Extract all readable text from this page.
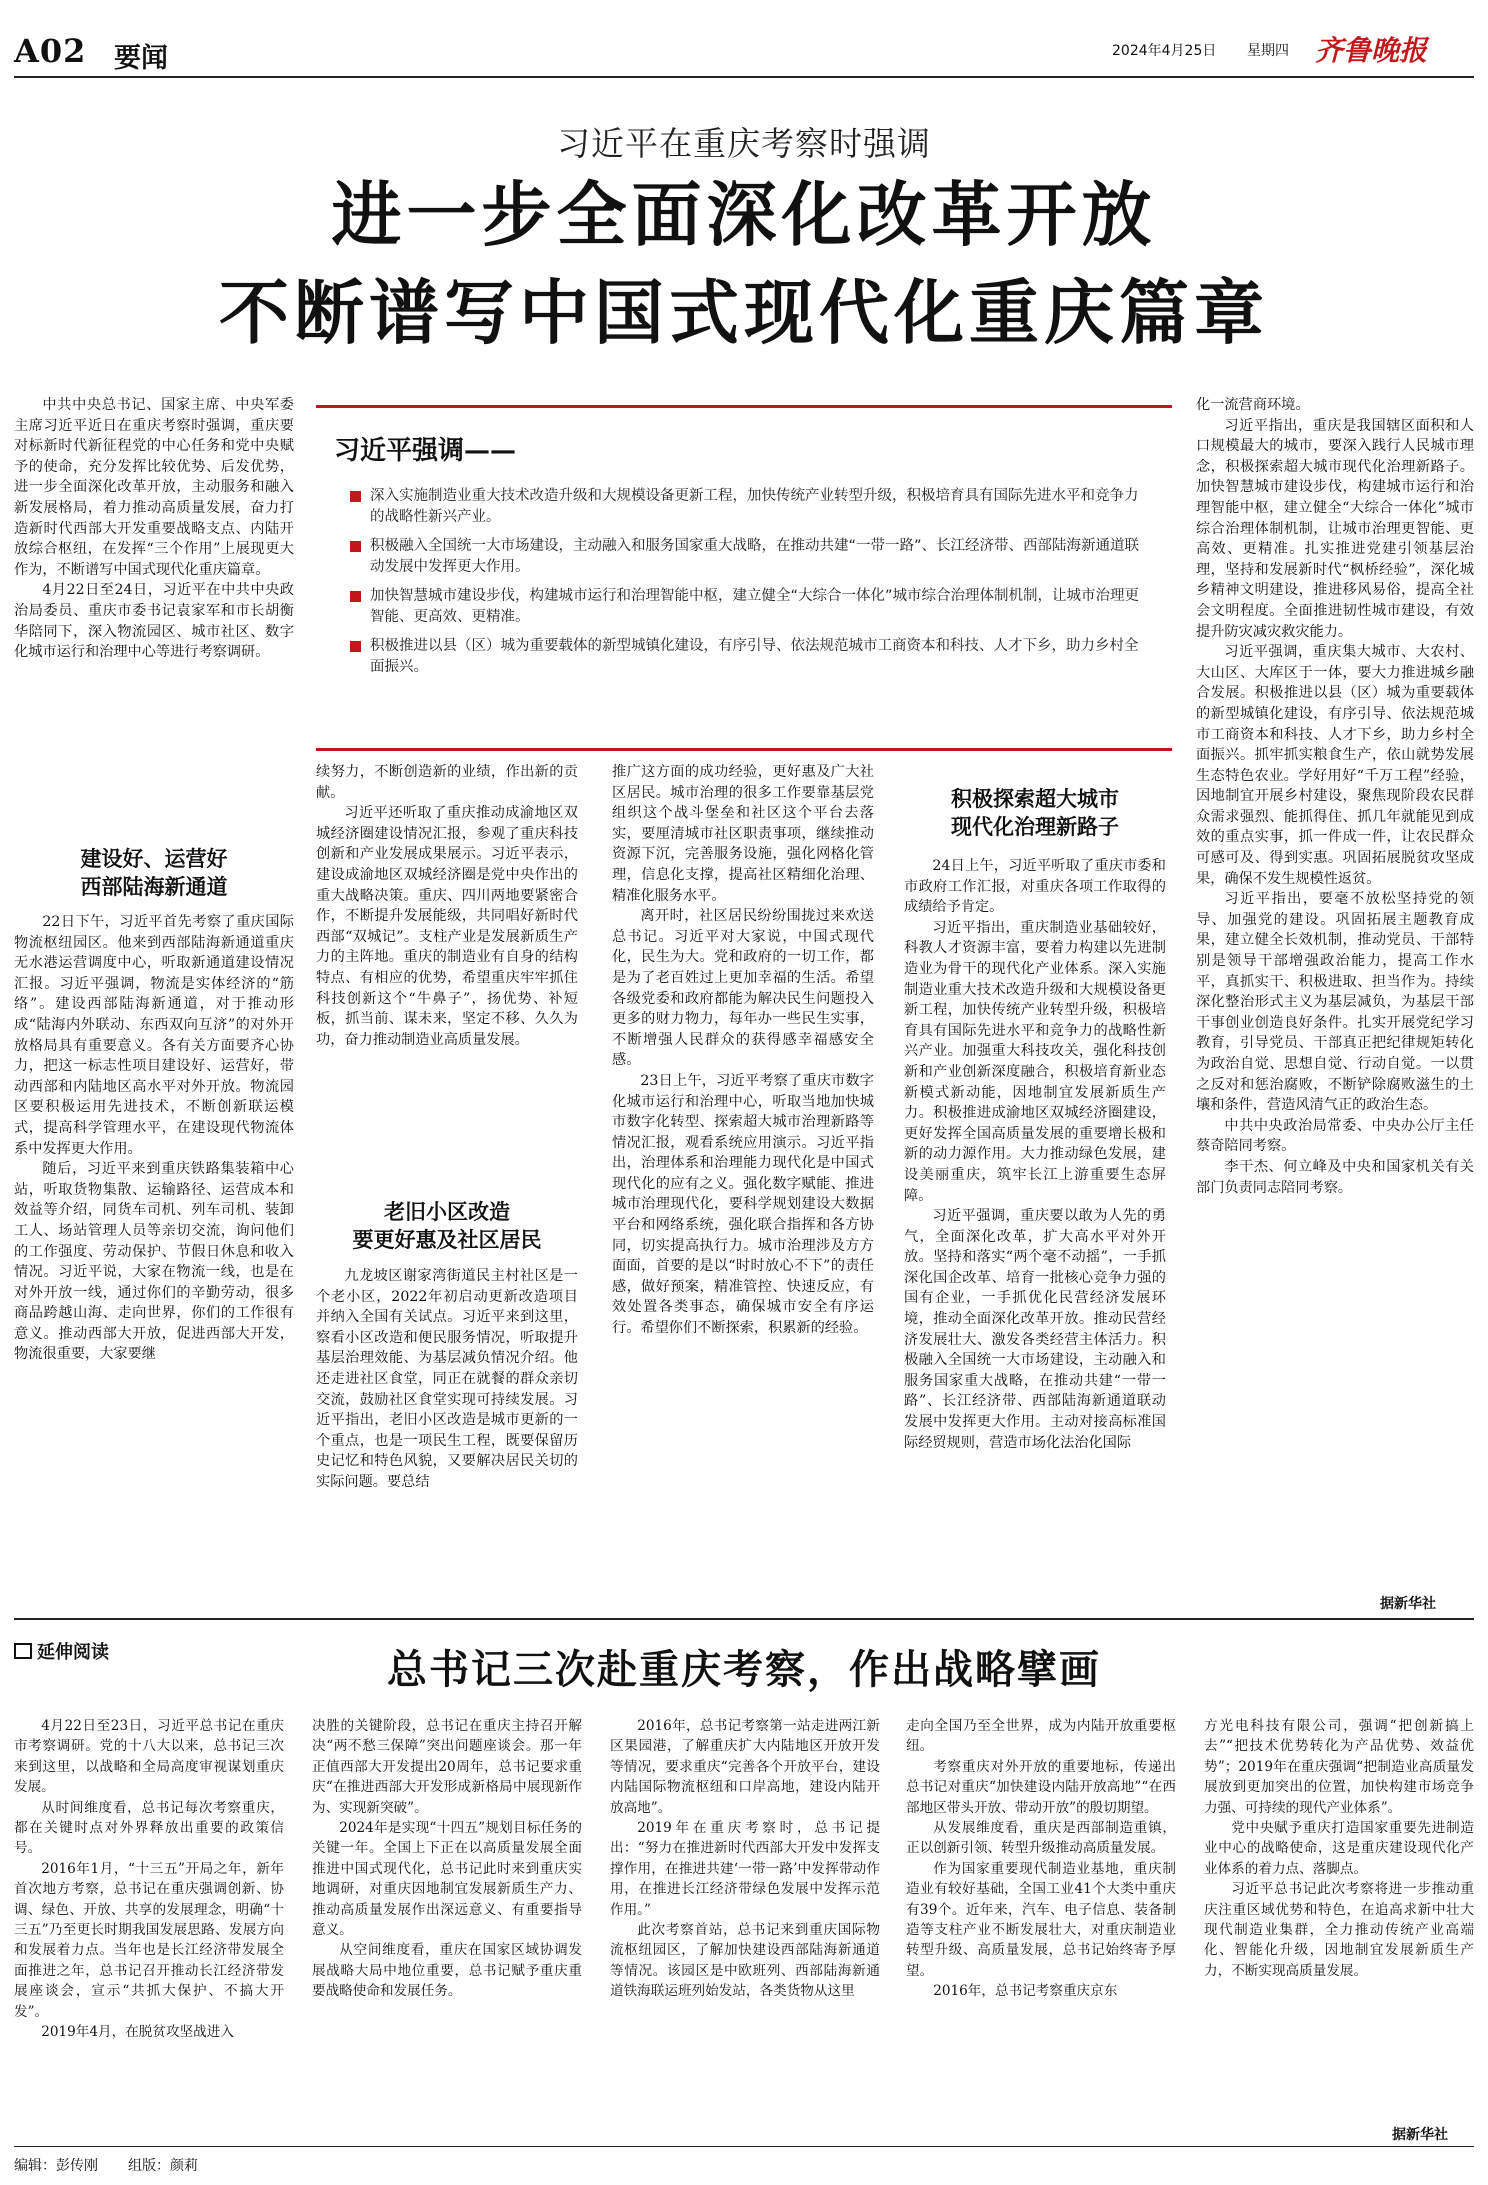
A02 要闻	2024年4月25日 星期四 齐鲁晚报
习近平在重庆考察时强调
进一步全面深化改革开放
不断谱写中国式现代化重庆篇章
习近平强调——
深入实施制造业重大技术改造升级和大规模设备更新工程，加快传统产业转型升级，积极培育具有国际先进水平和竞争力的战略性新兴产业。
积极融入全国统一大市场建设，主动融入和服务国家重大战略，在推动共建“一带一路”、长江经济带、西部陆海新通道联动发展中发挥更大作用。
加快智慧城市建设步伐，构建城市运行和治理智能中枢，建立健全“大综合一体化”城市综合治理体制机制，让城市治理更智能、更高效、更精准。
积极推进以县（区）城为重要载体的新型城镇化建设，有序引导、依法规范城市工商资本和科技、人才下乡，助力乡村全面振兴。

中共中央总书记、国家主席、中央军委主席习近平近日在重庆考察时强调，重庆要对标新时代新征程党的中心任务和党中央赋予的使命，充分发挥比较优势、后发优势，进一步全面深化改革开放，主动服务和融入新发展格局，着力推动高质量发展，奋力打造新时代西部大开发重要战略支点、内陆开放综合枢纽，在发挥“三个作用”上展现更大作为，不断谱写中国式现代化重庆篇章。

4月22日至24日，习近平在中共中央政治局委员、重庆市委书记袁家军和市长胡衡华陪同下，深入物流园区、城市社区、数字化城市运行和治理中心等进行考察调研。

建设好、运营好
西部陆海新通道

22日下午，习近平首先考察了重庆国际物流枢纽园区。他来到西部陆海新通道重庆无水港运营调度中心，听取新通道建设情况汇报。习近平强调，物流是实体经济的“筋络”。建设西部陆海新通道，对于推动形成“陆海内外联动、东西双向互济”的对外开放格局具有重要意义。各有关方面要齐心协力，把这一标志性项目建设好、运营好，带动西部和内陆地区高水平对外开放。物流园区要积极运用先进技术，不断创新联运模式，提高科学管理水平，在建设现代物流体系中发挥更大作用。

随后，习近平来到重庆铁路集装箱中心站，听取货物集散、运输路径、运营成本和效益等介绍，同货车司机、列车司机、装卸工人、场站管理人员等亲切交流，询问他们的工作强度、劳动保护、节假日休息和收入情况。习近平说，大家在物流一线，也是在对外开放一线，通过你们的辛勤劳动，很多商品跨越山海、走向世界，你们的工作很有意义。推动西部大开放，促进西部大开发，物流很重要，大家要继

续努力，不断创造新的业绩，作出新的贡献。

习近平还听取了重庆推动成渝地区双城经济圈建设情况汇报，参观了重庆科技创新和产业发展成果展示。习近平表示，建设成渝地区双城经济圈是党中央作出的重大战略决策。重庆、四川两地要紧密合作，不断提升发展能级，共同唱好新时代西部“双城记”。支柱产业是发展新质生产力的主阵地。重庆的制造业有自身的结构特点、有相应的优势，希望重庆牢牢抓住科技创新这个“牛鼻子”，扬优势、补短板，抓当前、谋未来，坚定不移、久久为功，奋力推动制造业高质量发展。

老旧小区改造
要更好惠及社区居民

九龙坡区谢家湾街道民主村社区是一个老小区，2022年初启动更新改造项目并纳入全国有关试点。习近平来到这里，察看小区改造和便民服务情况，听取提升基层治理效能、为基层减负情况介绍。他还走进社区食堂，同正在就餐的群众亲切交流，鼓励社区食堂实现可持续发展。习近平指出，老旧小区改造是城市更新的一个重点，也是一项民生工程，既要保留历史记忆和特色风貌，又要解决居民关切的实际问题。要总结

推广这方面的成功经验，更好惠及广大社区居民。城市治理的很多工作要靠基层党组织这个战斗堡垒和社区这个平台去落实，要厘清城市社区职责事项，继续推动资源下沉，完善服务设施，强化网格化管理，信息化支撑，提高社区精细化治理、精准化服务水平。

离开时，社区居民纷纷围拢过来欢送总书记。习近平对大家说，中国式现代化，民生为大。党和政府的一切工作，都是为了老百姓过上更加幸福的生活。希望各级党委和政府都能为解决民生问题投入更多的财力物力，每年办一些民生实事，不断增强人民群众的获得感幸福感安全感。

23日上午，习近平考察了重庆市数字化城市运行和治理中心，听取当地加快城市数字化转型、探索超大城市治理新路等情况汇报，观看系统应用演示。习近平指出，治理体系和治理能力现代化是中国式现代化的应有之义。强化数字赋能、推进城市治理现代化，要科学规划建设大数据平台和网络系统，强化联合指挥和各方协同，切实提高执行力。城市治理涉及方方面面，首要的是以“时时放心不下”的责任感，做好预案，精准管控、快速反应，有效处置各类事态，确保城市安全有序运行。希望你们不断探索，积累新的经验。

积极探索超大城市
现代化治理新路子

24日上午，习近平听取了重庆市委和市政府工作汇报，对重庆各项工作取得的成绩给予肯定。

习近平指出，重庆制造业基础较好，科教人才资源丰富，要着力构建以先进制造业为骨干的现代化产业体系。深入实施制造业重大技术改造升级和大规模设备更新工程，加快传统产业转型升级，积极培育具有国际先进水平和竞争力的战略性新兴产业。加强重大科技攻关，强化科技创新和产业创新深度融合，积极培育新业态新模式新动能，因地制宜发展新质生产力。积极推进成渝地区双城经济圈建设，更好发挥全国高质量发展的重要增长极和新的动力源作用。大力推动绿色发展，建设美丽重庆，筑牢长江上游重要生态屏障。

习近平强调，重庆要以敢为人先的勇气，全面深化改革，扩大高水平对外开放。坚持和落实“两个毫不动摇”，一手抓深化国企改革、培育一批核心竞争力强的国有企业，一手抓优化民营经济发展环境，推动全面深化改革开放。推动民营经济发展壮大、激发各类经营主体活力。积极融入全国统一大市场建设，主动融入和服务国家重大战略，在推动共建“一带一路”、长江经济带、西部陆海新通道联动发展中发挥更大作用。主动对接高标准国际经贸规则，营造市场化法治化国际

化一流营商环境。

习近平指出，重庆是我国辖区面积和人口规模最大的城市，要深入践行人民城市理念，积极探索超大城市现代化治理新路子。加快智慧城市建设步伐，构建城市运行和治理智能中枢，建立健全“大综合一体化”城市综合治理体制机制，让城市治理更智能、更高效、更精准。扎实推进党建引领基层治理，坚持和发展新时代“枫桥经验”，深化城乡精神文明建设，推进移风易俗，提高全社会文明程度。全面推进韧性城市建设，有效提升防灾减灾救灾能力。

习近平强调，重庆集大城市、大农村、大山区、大库区于一体，要大力推进城乡融合发展。积极推进以县（区）城为重要载体的新型城镇化建设，有序引导、依法规范城市工商资本和科技、人才下乡，助力乡村全面振兴。抓牢抓实粮食生产，依山就势发展生态特色农业。学好用好“千万工程”经验，因地制宜开展乡村建设，聚焦现阶段农民群众需求强烈、能抓得住、抓几年就能见到成效的重点实事，抓一件成一件，让农民群众可感可及、得到实惠。巩固拓展脱贫攻坚成果，确保不发生规模性返贫。

习近平指出，要毫不放松坚持党的领导、加强党的建设。巩固拓展主题教育成果，建立健全长效机制，推动党员、干部特别是领导干部增强政治能力，提高工作水平，真抓实干、积极进取、担当作为。持续深化整治形式主义为基层减负，为基层干部干事创业创造良好条件。扎实开展党纪学习教育，引导党员、干部真正把纪律规矩转化为政治自觉、思想自觉、行动自觉。一以贯之反对和惩治腐败，不断铲除腐败滋生的土壤和条件，营造风清气正的政治生态。

中共中央政治局常委、中央办公厅主任蔡奇陪同考察。

李干杰、何立峰及中央和国家机关有关部门负责同志陪同考察。

据新华社
延伸阅读	总书记三次赴重庆考察，作出战略擘画

4月22日至23日，习近平总书记在重庆市考察调研。党的十八大以来，总书记三次来到这里，以战略和全局高度审视谋划重庆发展。

从时间维度看，总书记每次考察重庆，都在关键时点对外界释放出重要的政策信号。

2016年1月，“十三五”开局之年，新年首次地方考察，总书记在重庆强调创新、协调、绿色、开放、共享的发展理念，明确“十三五”乃至更长时期我国发展思路、发展方向和发展着力点。当年也是长江经济带发展全面推进之年，总书记召开推动长江经济带发展座谈会，宣示“共抓大保护、不搞大开发”。

2019年4月，在脱贫攻坚战进入

决胜的关键阶段，总书记在重庆主持召开解决“两不愁三保障”突出问题座谈会。那一年正值西部大开发提出20周年，总书记要求重庆“在推进西部大开发形成新格局中展现新作为、实现新突破”。

2024年是实现“十四五”规划目标任务的关键一年。全国上下正在以高质量发展全面推进中国式现代化，总书记此时来到重庆实地调研，对重庆因地制宜发展新质生产力、推动高质量发展作出深远意义、有重要指导意义。

从空间维度看，重庆在国家区域协调发展战略大局中地位重要，总书记赋予重庆重要战略使命和发展任务。

2016年，总书记考察第一站走进两江新区果园港，了解重庆扩大内陆地区开放开发等情况，要求重庆“完善各个开放平台，建设内陆国际物流枢纽和口岸高地，建设内陆开放高地”。

2019年在重庆考察时，总书记提出：“努力在推进新时代西部大开发中发挥支撑作用，在推进共建‘一带一路’中发挥带动作用，在推进长江经济带绿色发展中发挥示范作用。”

此次考察首站，总书记来到重庆国际物流枢纽园区，了解加快建设西部陆海新通道等情况。该园区是中欧班列、西部陆海新通道铁海联运班列始发站，各类货物从这里

走向全国乃至全世界，成为内陆开放重要枢纽。

考察重庆对外开放的重要地标，传递出总书记对重庆“加快建设内陆开放高地”“在西部地区带头开放、带动开放”的殷切期望。

从发展维度看，重庆是西部制造重镇，正以创新引领、转型升级推动高质量发展。

作为国家重要现代制造业基地，重庆制造业有较好基础，全国工业41个大类中重庆有39个。近年来，汽车、电子信息、装备制造等支柱产业不断发展壮大，对重庆制造业转型升级、高质量发展，总书记始终寄予厚望。

2016年，总书记考察重庆京东

方光电科技有限公司，强调“把创新搞上去”“把技术优势转化为产品优势、效益优势”；2019年在重庆强调“把制造业高质量发展放到更加突出的位置，加快构建市场竞争力强、可持续的现代产业体系”。

党中央赋予重庆打造国家重要先进制造业中心的战略使命，这是重庆建设现代化产业体系的着力点、落脚点。

习近平总书记此次考察将进一步推动重庆注重区域优势和特色，在追高求新中壮大现代制造业集群，全力推动传统产业高端化、智能化升级，因地制宜发展新质生产力，不断实现高质量发展。

据新华社
编辑：彭传刚 组版：颜莉
